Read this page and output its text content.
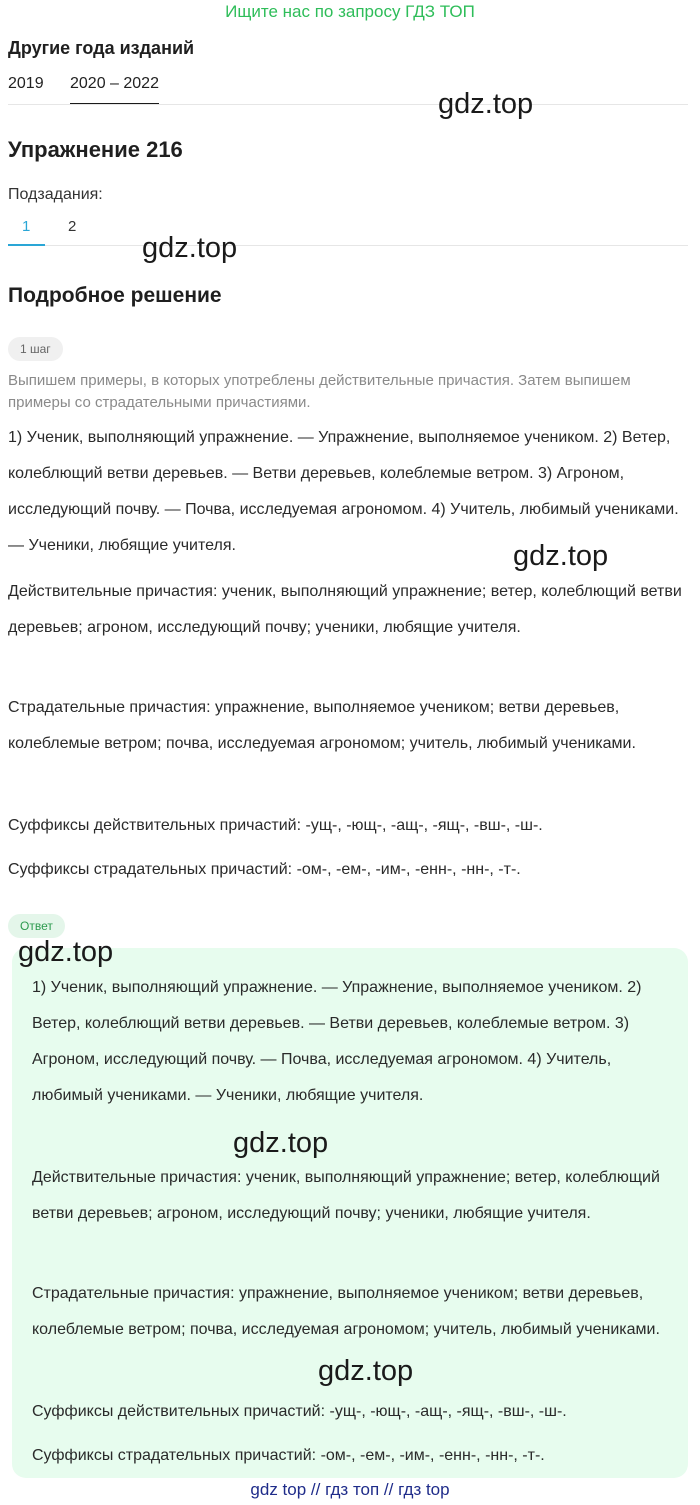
Ищите нас по запросу ГДЗ ТОП
Другие года изданий
2019 2020 – 2022
gdz.top
Упражнение 216
Подзадания:
1	2
gdz.top
Подробное решение
1 шаг
Выпишем примеры, в которых употреблены действительные причастия. Затем выпишем примеры со страдательными причастиями.
1) Ученик, выполняющий упражнение. — Упражнение, выполняемое учеником. 2) Ветер, колеблющий ветви деревьев. — Ветви деревьев, колеблемые ветром. 3) Агроном, исследующий почву. — Почва, исследуемая агрономом. 4) Учитель, любимый учениками. — Ученики, любящие учителя.	gdz.top
Действительные причастия: ученик, выполняющий упражнение; ветер, колеблющий ветви деревьев; агроном, исследующий почву; ученики, любящие учителя.
Страдательные причастия: упражнение, выполняемое учеником; ветви деревьев, колеблемые ветром; почва, исследуемая агрономом; учитель, любимый учениками.
Суффиксы действительных причастий: -ущ-, -ющ-, -ащ-, -ящ-, -вш-, -ш-.
Суффиксы страдательных причастий: -ом-, -ем-, -им-, -енн-, -нн-, -т-.
Ответ
gdz.top
1) Ученик, выполняющий упражнение. — Упражнение, выполняемое учеником. 2) Ветер, колеблющий ветви деревьев. — Ветви деревьев, колеблемые ветром. 3) Агроном, исследующий почву. — Почва, исследуемая агрономом. 4) Учитель, любимый учениками. — Ученики, любящие учителя.
gdz.top
Действительные причастия: ученик, выполняющий упражнение; ветер, колеблющий ветви деревьев; агроном, исследующий почву; ученики, любящие учителя.
Страдательные причастия: упражнение, выполняемое учеником; ветви деревьев, колеблемые ветром; почва, исследуемая агрономом; учитель, любимый учениками.
gdz.top
Суффиксы действительных причастий: -ущ-, -ющ-, -ащ-, -ящ-, -вш-, -ш-.
Суффиксы страдательных причастий: -ом-, -ем-, -им-, -енн-, -нн-, -т-.
gdz top // гдз топ // гдз top
